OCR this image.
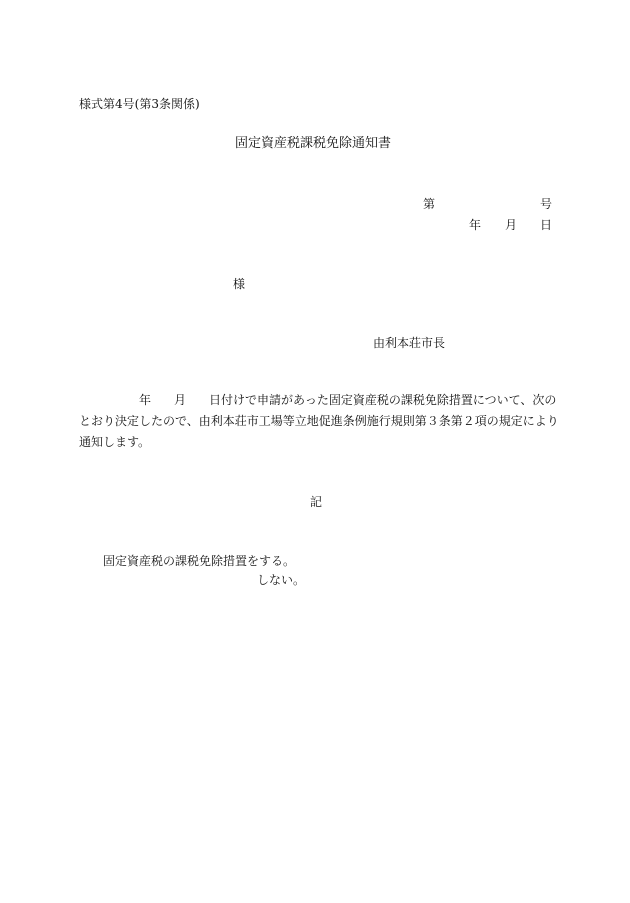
様式第4号(第3条関係)
固定資産税課税免除通知書
第	号
年 月 日
様
由利本荘市長
年 月 日付けで申請があった固定資産税の課税免除措置について、次の
とおり決定したので、由利本荘市工場等立地促進条例施行規則第３条第２項の規定により
通知します。
記
固定資産税の課税免除措置をする。
しない。
